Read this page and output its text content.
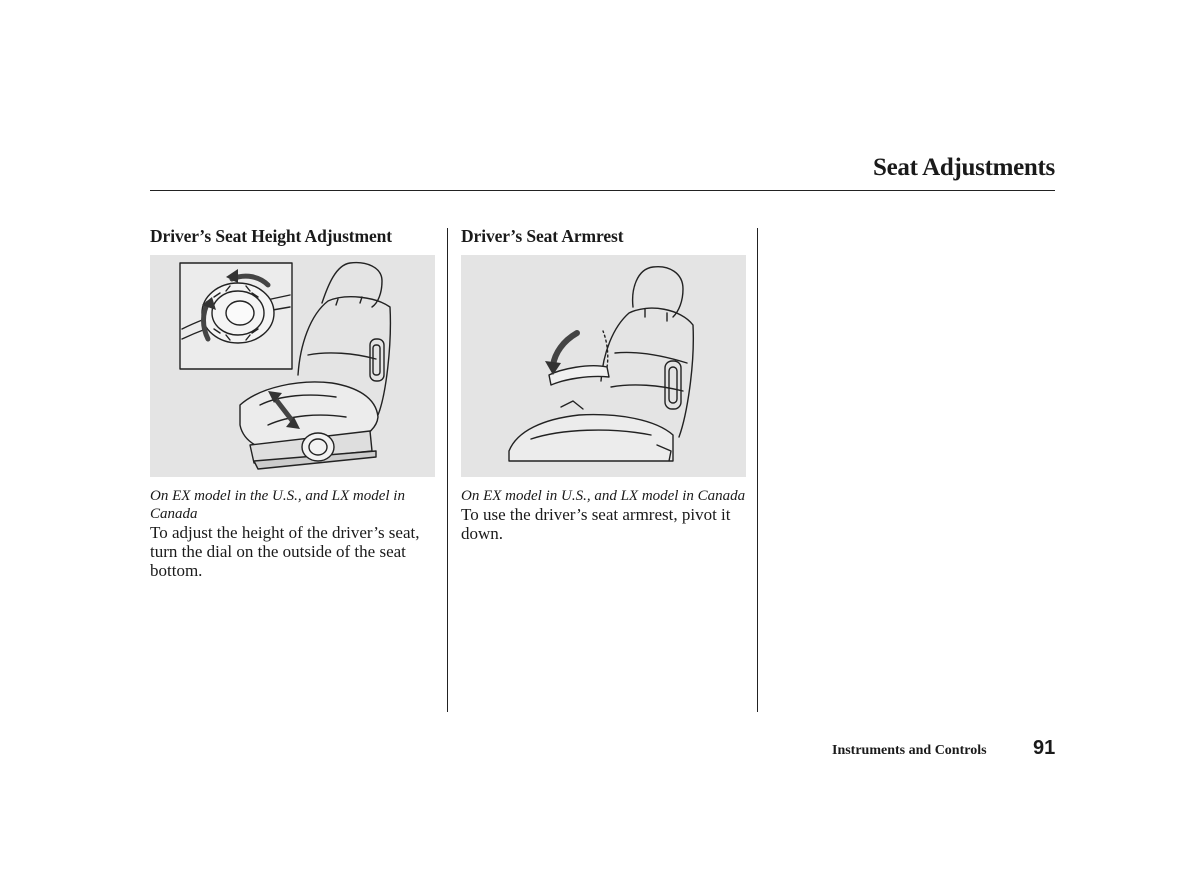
Seat Adjustments
Driver’s Seat Height Adjustment
On EX model in the U.S., and LX model in Canada
To adjust the height of the driver’s seat, turn the dial on the outside of the seat bottom.
Driver’s Seat Armrest
On EX model in U.S., and LX model in Canada
To use the driver’s seat armrest, pivot it down.
Instruments and Controls 91
